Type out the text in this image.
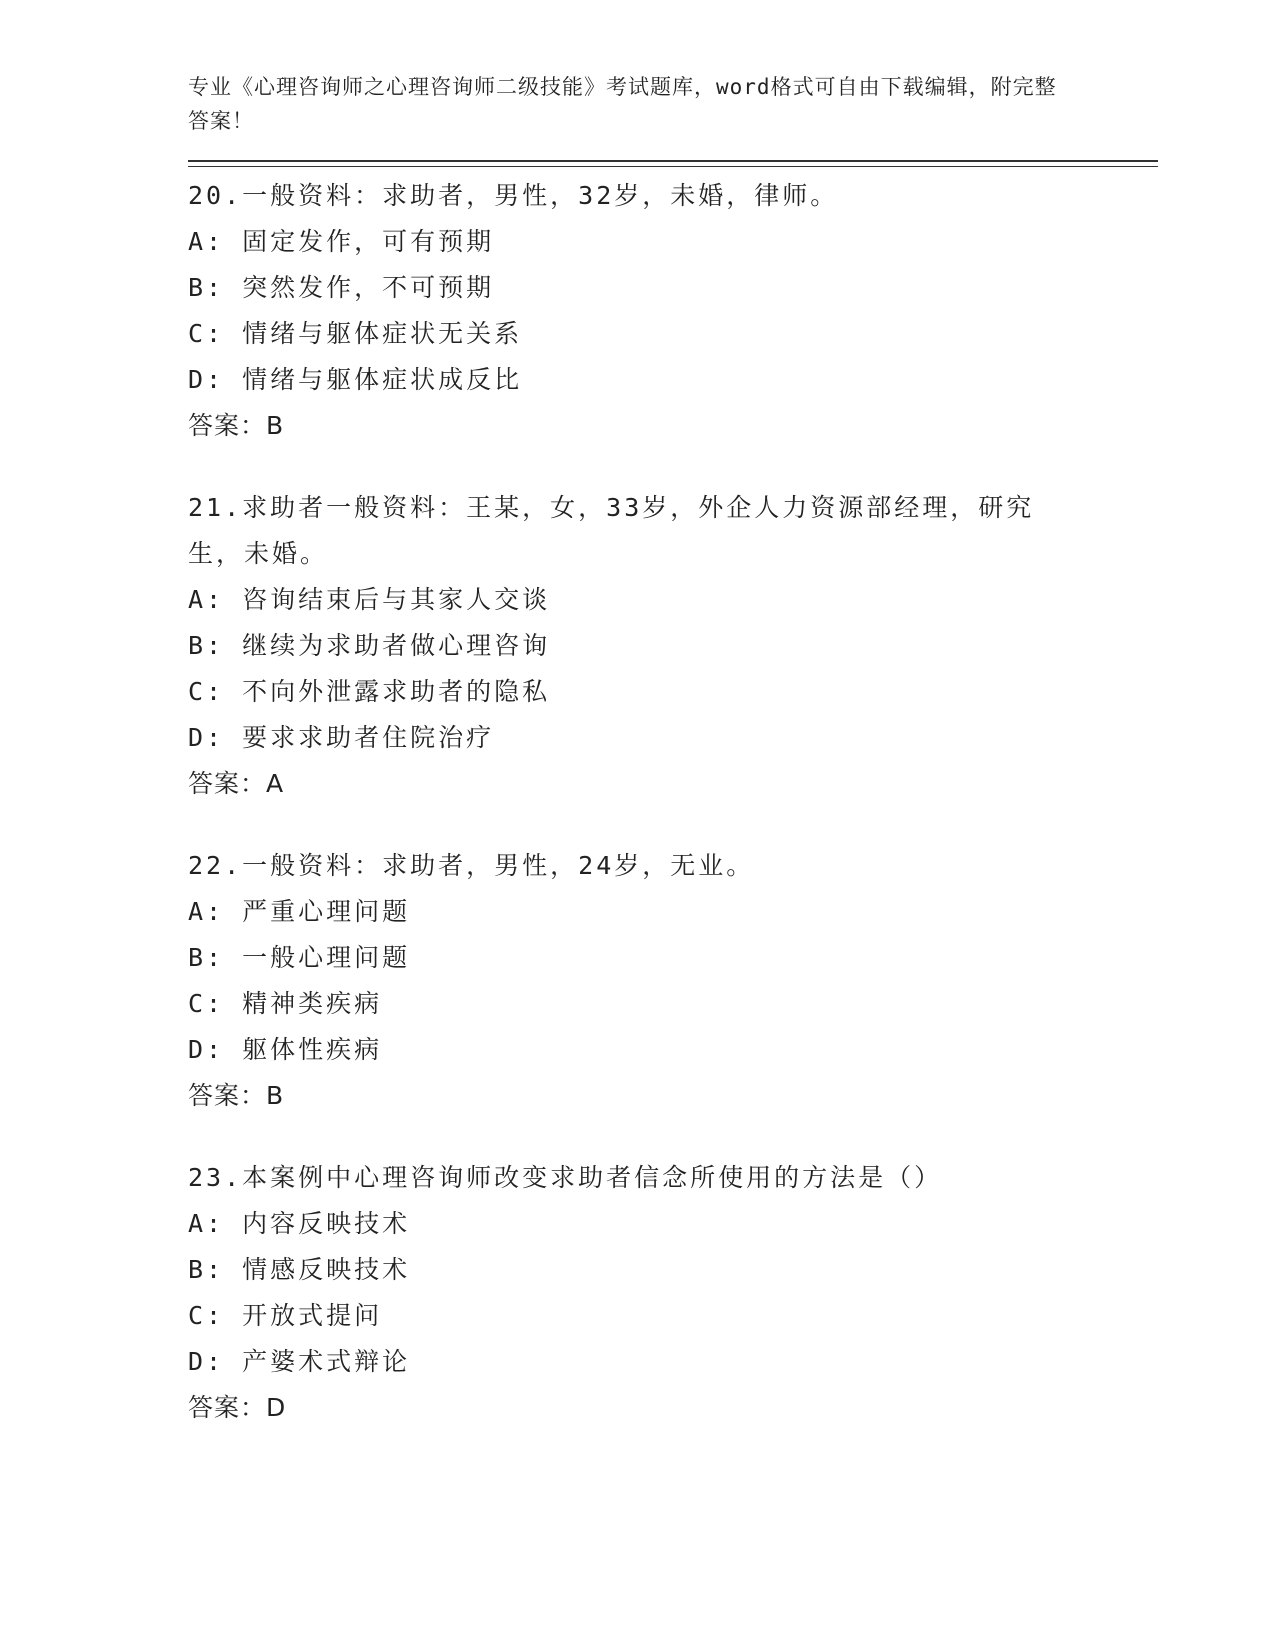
专业《心理咨询师之心理咨询师二级技能》考试题库，word格式可自由下载编辑，附完整答案！
20.一般资料：求助者，男性，32岁，未婚，律师。
A: 固定发作，可有预期
B: 突然发作，不可预期
C: 情绪与躯体症状无关系
D: 情绪与躯体症状成反比
答案：B
21.求助者一般资料：王某，女，33岁，外企人力资源部经理，研究生，未婚。
A: 咨询结束后与其家人交谈
B: 继续为求助者做心理咨询
C: 不向外泄露求助者的隐私
D: 要求求助者住院治疗
答案：A
22.一般资料：求助者，男性，24岁，无业。
A: 严重心理问题
B: 一般心理问题
C: 精神类疾病
D: 躯体性疾病
答案：B
23.本案例中心理咨询师改变求助者信念所使用的方法是（）
A: 内容反映技术
B: 情感反映技术
C: 开放式提问
D: 产婆术式辩论
答案：D
